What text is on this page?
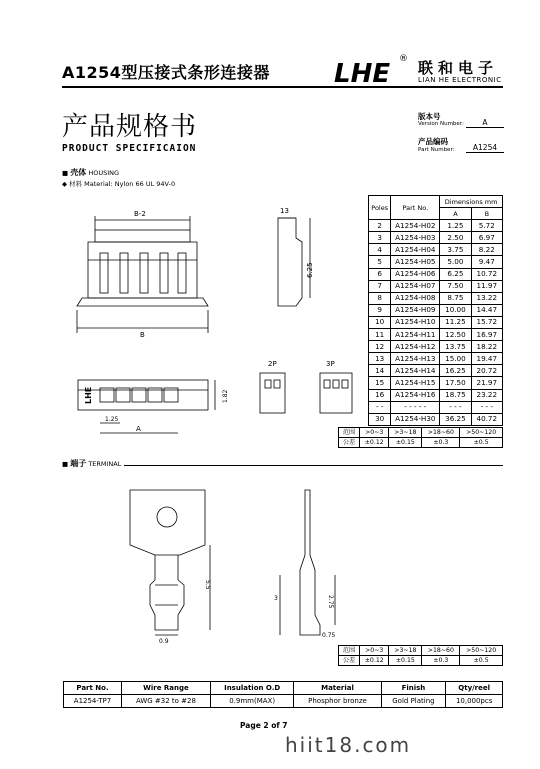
A1254型压接式条形连接器 LHE ® 联和电子
LIAN HE ELECTRONIC
产品规格书
PRODUCT SPECIFICAION
版本号
Version Number:	A
产品编码
Part Number:	A1254
■ 壳体 HOUSING
◆ 材料 Material: Nylon 66 UL 94V-0
B-2
B
13
6.25
LHE
1.25
A
1.82
2P	3P
Poles	Part No.	Dimensions mm	
		A	B
2	A1254-H02	1.25	5.72
3	A1254-H03	2.50	6.97
4	A1254-H04	3.75	8.22
5	A1254-H05	5.00	9.47
6	A1254-H06	6.25	10.72
7	A1254-H07	7.50	11.97
8	A1254-H08	8.75	13.22
9	A1254-H09	10.00	14.47
10	A1254-H10	11.25	15.72
11	A1254-H11	12.50	16.97
12	A1254-H12	13.75	18.22
13	A1254-H13	15.00	19.47
14	A1254-H14	16.25	20.72
15	A1254-H15	17.50	21.97
16	A1254-H16	18.75	23.22
- -	- - - - -	- - -	- - -
30	A1254-H30	36.25	40.72
范围	>0~3	>3~18	>18~60	>50~120
公差	±0.12	±0.15	±0.3	±0.5
■ 端子 TERMINAL
5.5
0.9
3	2.75
0.75
范围	>0~3	>3~18	>18~60	>50~120
公差	±0.12	±0.15	±0.3	±0.5
Part No.	Wire Range	Insulation O.D	Material	Finish	Qty/reel
A1254-TP7	AWG #32 to #28	0.9mm(MAX)	Phosphor bronze	Gold Plating	10,000pcs
Page 2 of 7
hiit18.com
